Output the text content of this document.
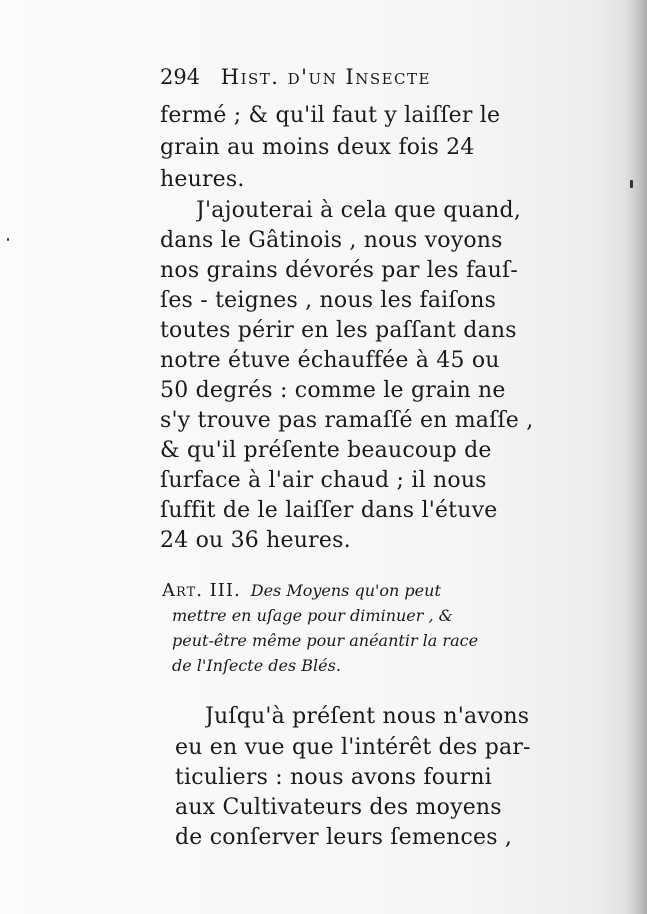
294 Hist. d'un Insecte
fermé ; & qu'il faut y laiſſer le
grain au moins deux fois 24
heures.
J'ajouterai à cela que quand,
dans le Gâtinois , nous voyons
nos grains dévorés par les fauſ-
ſes - teignes , nous les faiſons
toutes périr en les paſſant dans
notre étuve échauffée à 45 ou
50 degrés : comme le grain ne
s'y trouve pas ramaſſé en maſſe ,
& qu'il préſente beaucoup de
ſurface à l'air chaud ; il nous
ſuffit de le laiſſer dans l'étuve
24 ou 36 heures.
Art. III. Des Moyens qu'on peut
mettre en uſage pour diminuer , &
peut-être même pour anéantir la race
de l'Inſecte des Blés.
Juſqu'à préſent nous n'avons
eu en vue que l'intérêt des par-
ticuliers : nous avons fourni
aux Cultivateurs des moyens
de conſerver leurs ſemences ,
